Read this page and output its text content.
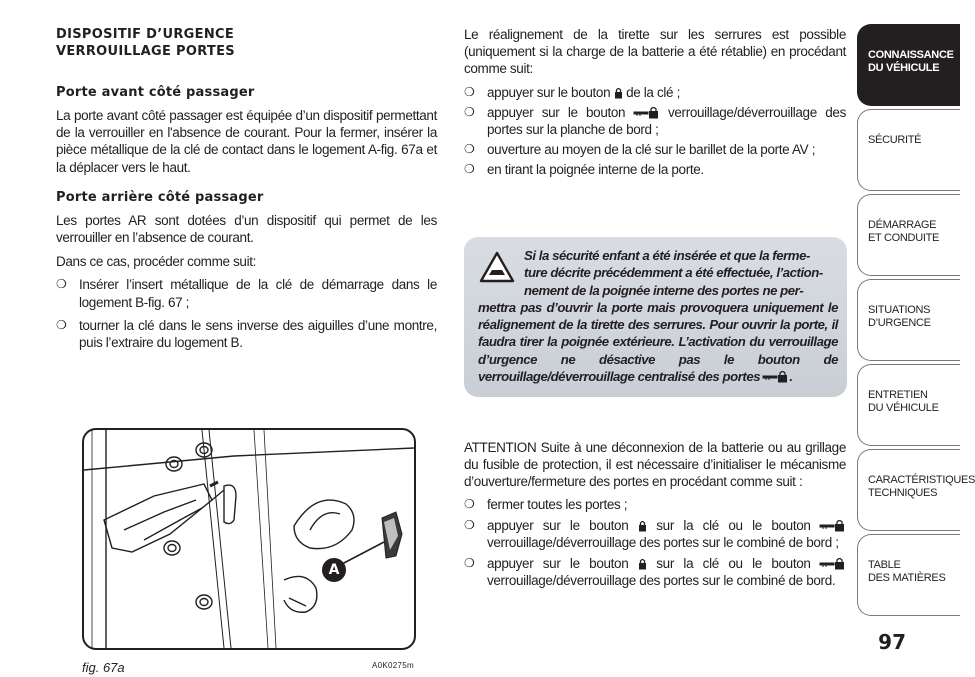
DISPOSITIF D’URGENCE

VERROUILLAGE PORTES

Porte avant côté passager

La porte avant côté passager est équipée d’un dispositif permettant de la verrouiller en l'absence de courant. Pour la fermer, insérer la pièce métallique de la clé de contact dans le logement A-fig. 67a et la déplacer vers le haut.

Porte arrière côté passager

Les portes AR sont dotées d’un dispositif qui permet de les verrouiller en l’absence de courant.

Dans ce cas, procéder comme suit:

❍ Insérer l’insert métallique de la clé de démarrage dans le logement B-fig. 67 ;
❍ tourner la clé dans le sens inverse des aiguilles d’une montre, puis l’extraire du logement B.
A
fig. 67a	A0K0275m

Le réalignement de la tirette sur les serrures est possible (uniquement si la charge de la batterie a été rétablie) en procédant comme suit:

❍ appuyer sur le bouton de la clé ;
❍ appuyer sur le bouton	verrouillage/déverrouillage des portes sur la planche de bord ;
❍ ouverture au moyen de la clé sur le barillet de la porte AV ;
❍ en tirant la poignée interne de la porte.
Si la sécurité enfant a été insérée et que la ferme-
ture décrite précédemment a été effectuée, l’action-
nement de la poignée interne des portes ne per-
mettra pas d’ouvrir la porte mais provoquera uniquement le réalignement de la tirette des serrures. Pour ouvrir la porte, il faudra tirer la poignée extérieure. L’activation du verrouillage d’urgence ne désactive pas le bouton de verrouillage/déverrouillage centralisé des portes .

ATTENTION Suite à une déconnexion de la batterie ou au grillage du fusible de protection, il est nécessaire d’initialiser le mécanisme d’ouverture/fermeture des portes en procédant comme suit :

❍ fermer toutes les portes ;
❍ appuyer sur le bouton sur la clé ou le bouton  verrouillage/déverrouillage des portes sur le combiné de bord ;
❍ appuyer sur le bouton sur la clé ou le bouton  verrouillage/déverrouillage des portes sur le combiné de bord.
CONNAISSANCE
DU VÉHICULE
SÉCURITÉ
DÉMARRAGE
ET CONDUITE
SITUATIONS
D’URGENCE
ENTRETIEN
DU VÉHICULE
CARACTÉRISTIQUES
TECHNIQUES
TABLE
DES MATIÈRES
97
